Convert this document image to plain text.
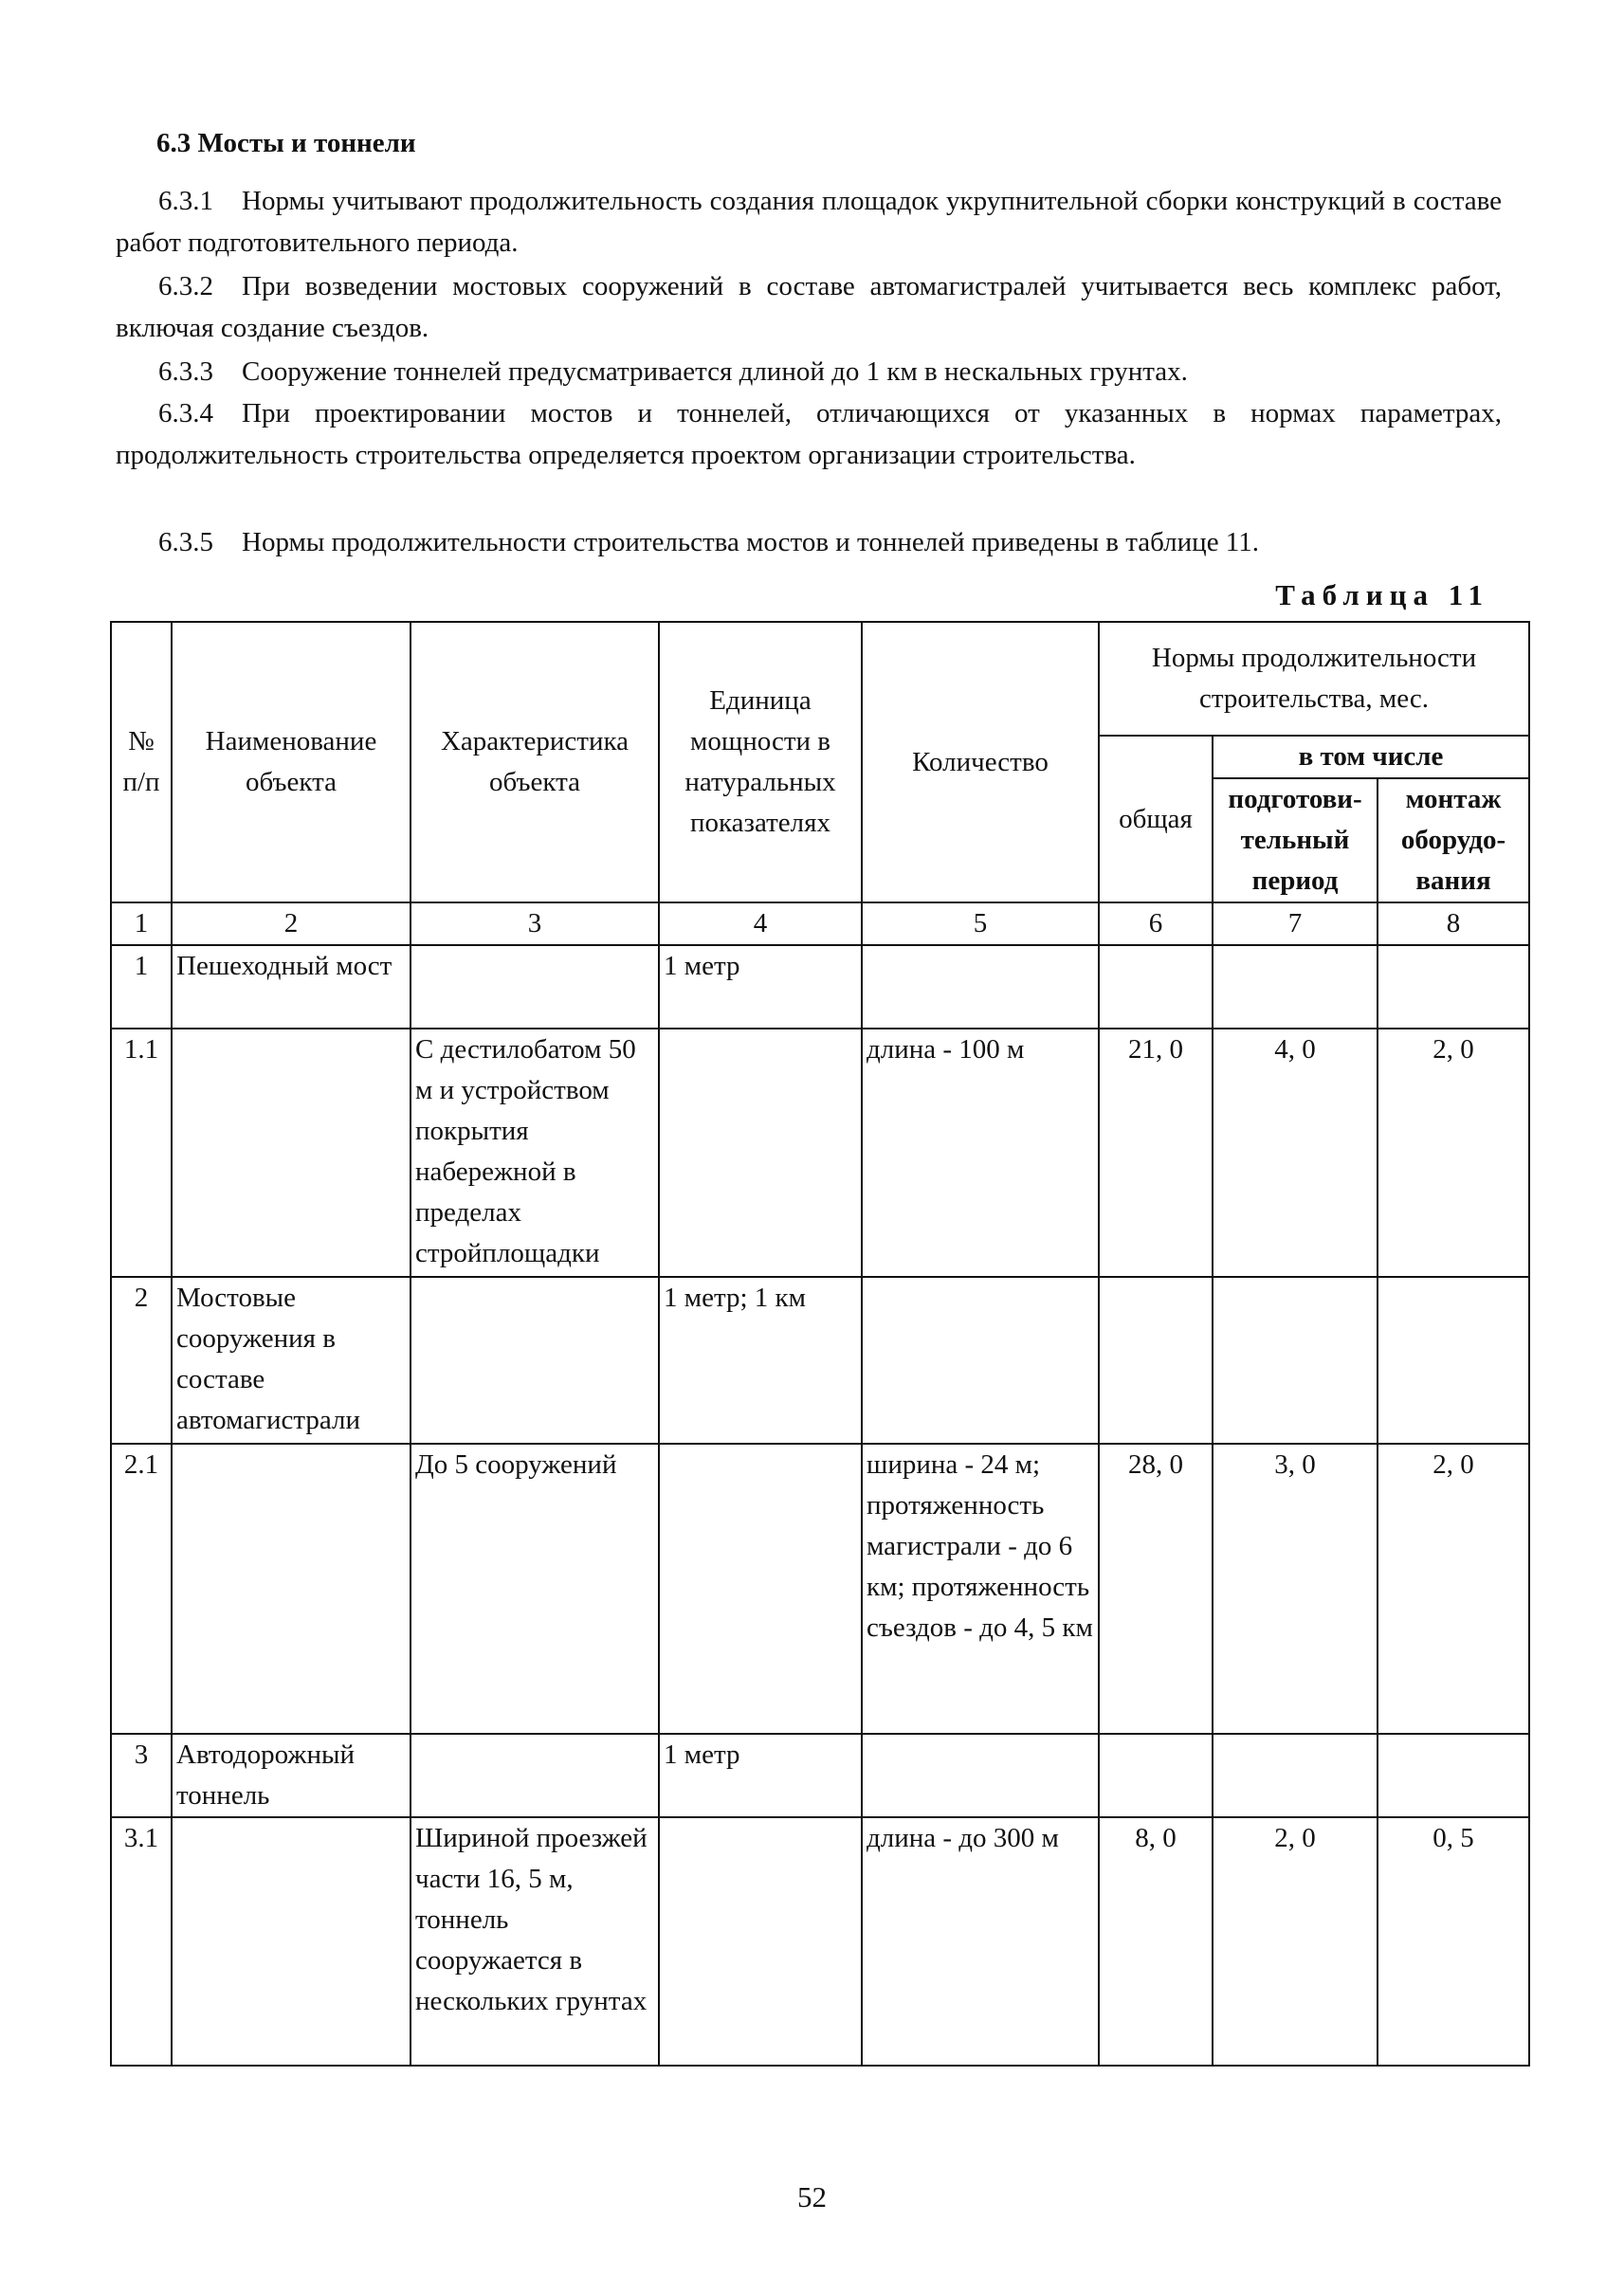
6.3 Мосты и тоннели

6.3.1 Нормы учитывают продолжительность создания площадок укрупнительной сборки конструкций в составе работ подготовительного периода.

6.3.2 При возведении мостовых сооружений в составе автомагистралей учитывается весь комплекс работ, включая создание съездов.

6.3.3 Сооружение тоннелей предусматривается длиной до 1 км в нескальных грунтах.

6.3.4 При проектировании мостов и тоннелей, отличающихся от указанных в нормах параметрах, продолжительность строительства определяется проектом организации строительства.

6.3.5 Нормы продолжительности строительства мостов и тоннелей приведены в таблице 11.

Таблица 11
№ п/п	Наименование объекта	Характеристика объекта	Единица мощности в натуральных показателях	Количество	Нормы продолжительности строительства, мес.		
					общая	в том числе	
						подготови-тельный период	монтаж оборудо-вания
1	2	3	4	5	6	7	8
1	Пешеходный мост		1 метр				
1.1		С дестилобатом 50 м и устройством покрытия набережной в пределах стройплощадки		длина - 100 м	21, 0	4, 0	2, 0
2	Мостовые сооружения в составе автомагистрали		1 метр; 1 км				
2.1		До 5 сооружений		ширина - 24 м; протяженность магистрали - до 6 км; протяженность съездов - до 4, 5 км	28, 0	3, 0	2, 0
3	Автодорожный тоннель		1 метр				
3.1		Шириной проезжей части 16, 5 м, тоннель сооружается в нескольких грунтах		длина - до 300 м	8, 0	2, 0	0, 5
52
